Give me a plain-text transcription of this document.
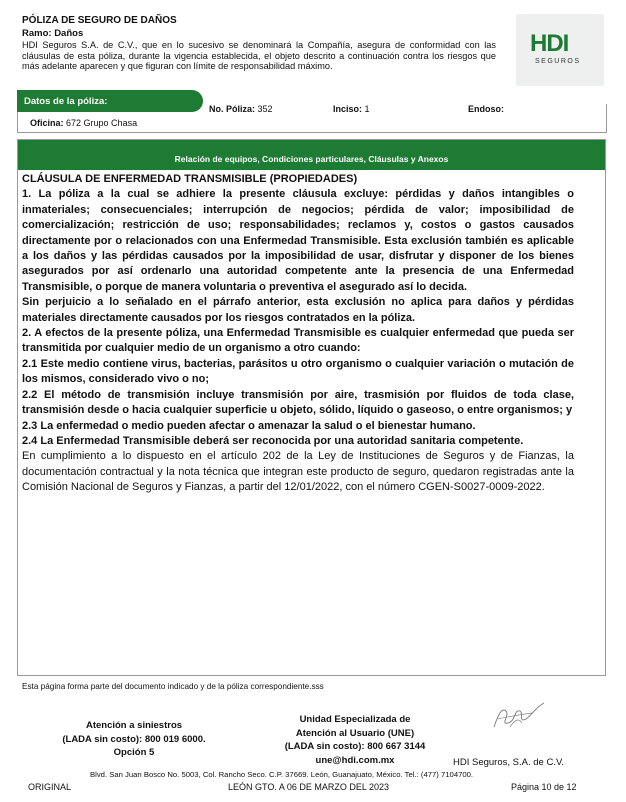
PÓLIZA DE SEGURO DE DAÑOS
Ramo: Daños
HDI Seguros S.A. de C.V., que en lo sucesivo se denominará la Compañía, asegura de conformidad con las cláusulas de esta póliza, durante la vigencia establecida, el objeto descrito a continuación contra los riesgos que más adelante aparecen y que figuran con límite de responsabilidad máximo.
HDI
SEGUROS
Datos de la póliza:
No. Póliza: 352	Inciso: 1	Endoso:
Oficina: 672 Grupo Chasa
Relación de equipos, Condiciones particulares, Cláusulas y Anexos
CLÁUSULA DE ENFERMEDAD TRANSMISIBLE (PROPIEDADES)
1. La póliza a la cual se adhiere la presente cláusula excluye: pérdidas y daños intangibles o inmateriales; consecuenciales; interrupción de negocios; pérdida de valor; imposibilidad de comercialización; restricción de uso; responsabilidades; reclamos y, costos o gastos causados directamente por o relacionados con una Enfermedad Transmisible. Esta exclusión también es aplicable a los daños y las pérdidas causados por la imposibilidad de usar, disfrutar y disponer de los bienes asegurados por así ordenarlo una autoridad competente ante la presencia de una Enfermedad Transmisible, o porque de manera voluntaria o preventiva el asegurado así lo decida.
Sin perjuicio a lo señalado en el párrafo anterior, esta exclusión no aplica para daños y pérdidas materiales directamente causados por los riesgos contratados en la póliza.
2. A efectos de la presente póliza, una Enfermedad Transmisible es cualquier enfermedad que pueda ser transmitida por cualquier medio de un organismo a otro cuando:
2.1 Este medio contiene virus, bacterias, parásitos u otro organismo o cualquier variación o mutación de los mismos, considerado vivo o no;
2.2 El método de transmisión incluye transmisión por aire, trasmisión por fluidos de toda clase, transmisión desde o hacia cualquier superficie u objeto, sólido, líquido o gaseoso, o entre organismos; y
2.3 La enfermedad o medio pueden afectar o amenazar la salud o el bienestar humano.
2.4 La Enfermedad Transmisible deberá ser reconocida por una autoridad sanitaria competente.
En cumplimiento a lo dispuesto en el artículo 202 de la Ley de Instituciones de Seguros y de Fianzas, la documentación contractual y la nota técnica que integran este producto de seguro, quedaron registradas ante la Comisión Nacional de Seguros y Fianzas, a partir del 12/01/2022, con el número CGEN-S0027-0009-2022.
Esta página forma parte del documento indicado y de la póliza correspondiente.sss
Atención a siniestros
(LADA sin costo): 800 019 6000.
Opción 5
Unidad Especializada de
Atención al Usuario (UNE)
(LADA sin costo): 800 667 3144
une@hdi.com.mx	HDI Seguros, S.A. de C.V.
Blvd. San Juan Bosco No. 5003, Col. Rancho Seco. C.P. 37669. León, Guanajuato, México. Tel.: (477) 7104700.
ORIGINAL	LEÓN GTO. A 06 DE MARZO DEL 2023	Página 10 de 12
